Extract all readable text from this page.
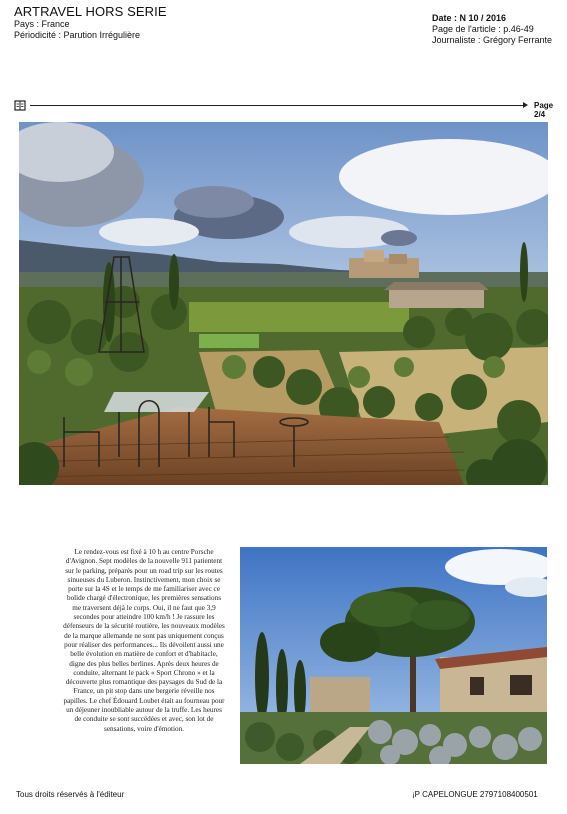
ARTRAVEL HORS SERIE
Pays : France
Périodicité : Parution Irrégulière
Date : N 10 / 2016
Page de l'article : p.46-49
Journaliste : Grégory Ferrante
Page 2/4
Le rendez-vous est fixé à 10 h au centre Porsche d'Avignon. Sept modèles de la nouvelle 911 patientent sur le parking, préparés pour un road trip sur les routes sinueuses du Luberon. Instinctivement, mon choix se porte sur la 4S et le temps de me familiariser avec ce bolide chargé d'électronique, les premières sensations me traversent déjà le corps. Oui, il ne faut que 3,9 secondes pour atteindre 100 km/h ! Je rassure les défenseurs de la sécurité routière, les nouveaux modèles de la marque allemande ne sont pas uniquement conçus pour réaliser des performances... Ils dévoilent aussi une belle évolution en matière de confort et d'habitacle, digne des plus belles berlines. Après deux heures de conduite, alternant le pack « Sport Chrono » et la découverte plus romantique des paysages du Sud de la France, un pit stop dans une bergerie réveille nos papilles. Le chef Édouard Loubet était au fourneau pour un déjeuner inoubliable autour de la truffe. Les heures de conduite se sont succédées et avec, son lot de sensations, voire d'émotion.
Tous droits réservés à l'éditeur	¡P CAPELONGUE 2797108400501
